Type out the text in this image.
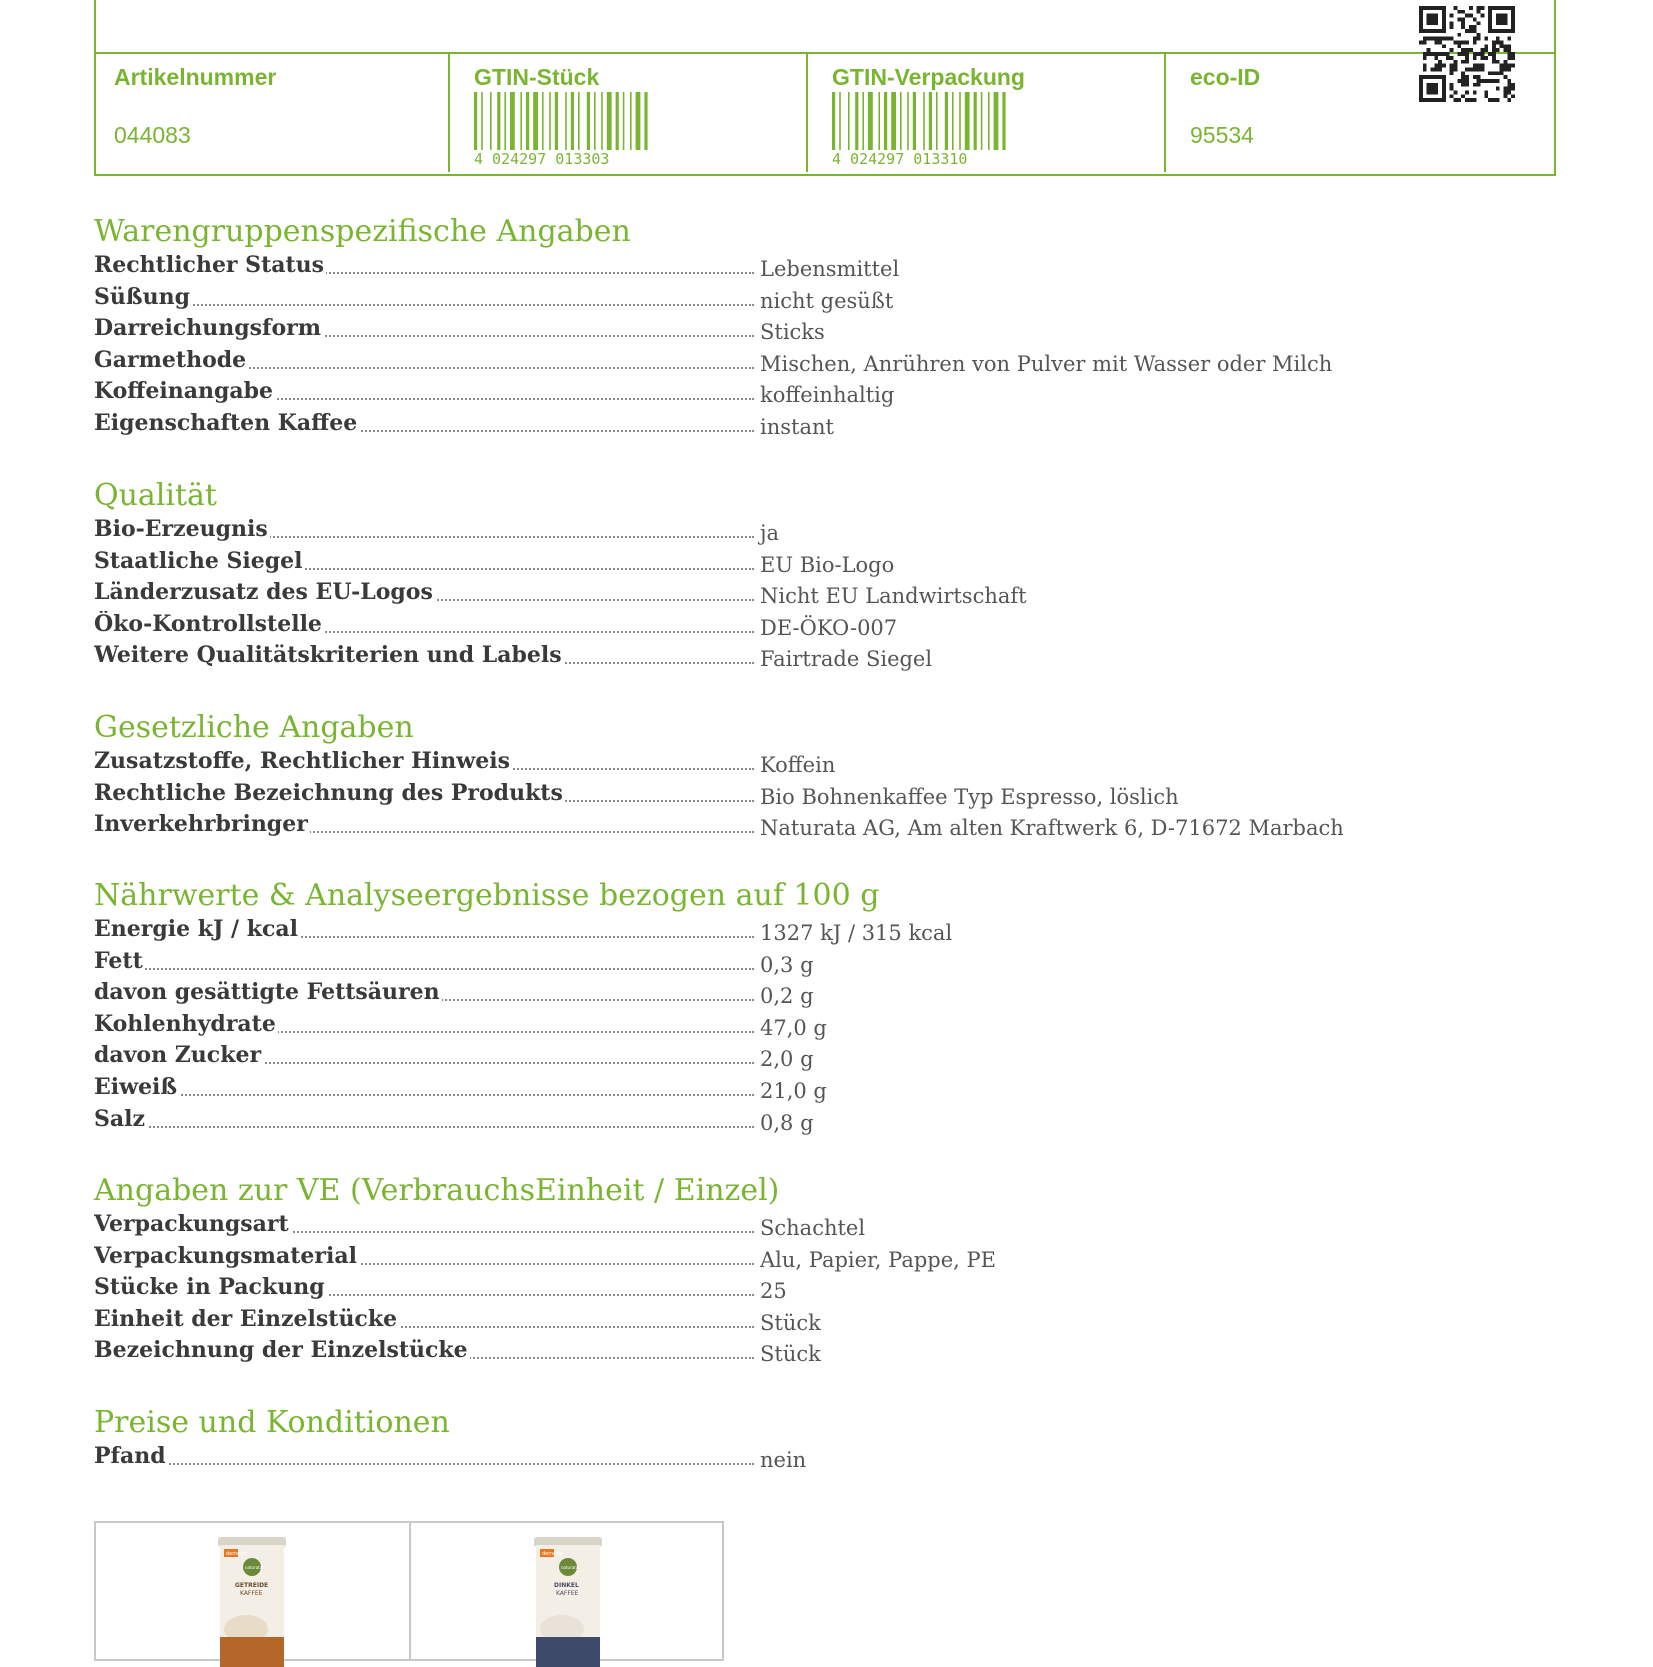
Artikelnummer
044083
GTIN-Stück
4 024297 013303
GTIN-Verpackung
4 024297 013310
eco-ID
95534
Warengruppenspezifische Angaben
Rechtlicher Status	Lebensmittel
Süßung	nicht gesüßt
Darreichungsform	Sticks
Garmethode	Mischen, Anrühren von Pulver mit Wasser oder Milch
Koffeinangabe	koffeinhaltig
Eigenschaften Kaffee	instant
Qualität
Bio-Erzeugnis	ja
Staatliche Siegel	EU Bio-Logo
Länderzusatz des EU-Logos	Nicht EU Landwirtschaft
Öko-Kontrollstelle	DE-ÖKO-007
Weitere Qualitätskriterien und Labels	Fairtrade Siegel
Gesetzliche Angaben
Zusatzstoffe, Rechtlicher Hinweis	Koffein
Rechtliche Bezeichnung des Produkts	Bio Bohnenkaffee Typ Espresso, löslich
Inverkehrbringer	Naturata AG, Am alten Kraftwerk 6, D-71672 Marbach
Nährwerte & Analyseergebnisse bezogen auf 100 g
Energie kJ / kcal	1327 kJ / 315 kcal
Fett	0,3 g
davon gesättigte Fettsäuren	0,2 g
Kohlenhydrate	47,0 g
davon Zucker	2,0 g
Eiweiß	21,0 g
Salz	0,8 g
Angaben zur VE (VerbrauchsEinheit / Einzel)
Verpackungsart	Schachtel
Verpackungsmaterial	Alu, Papier, Pappe, PE
Stücke in Packung	25
Einheit der Einzelstücke	Stück
Bezeichnung der Einzelstücke	Stück
Preise und Konditionen
Pfand	nein
demeter
naturata
GETREIDE
KAFFEE
demeter
naturata
DINKEL
KAFFEE
